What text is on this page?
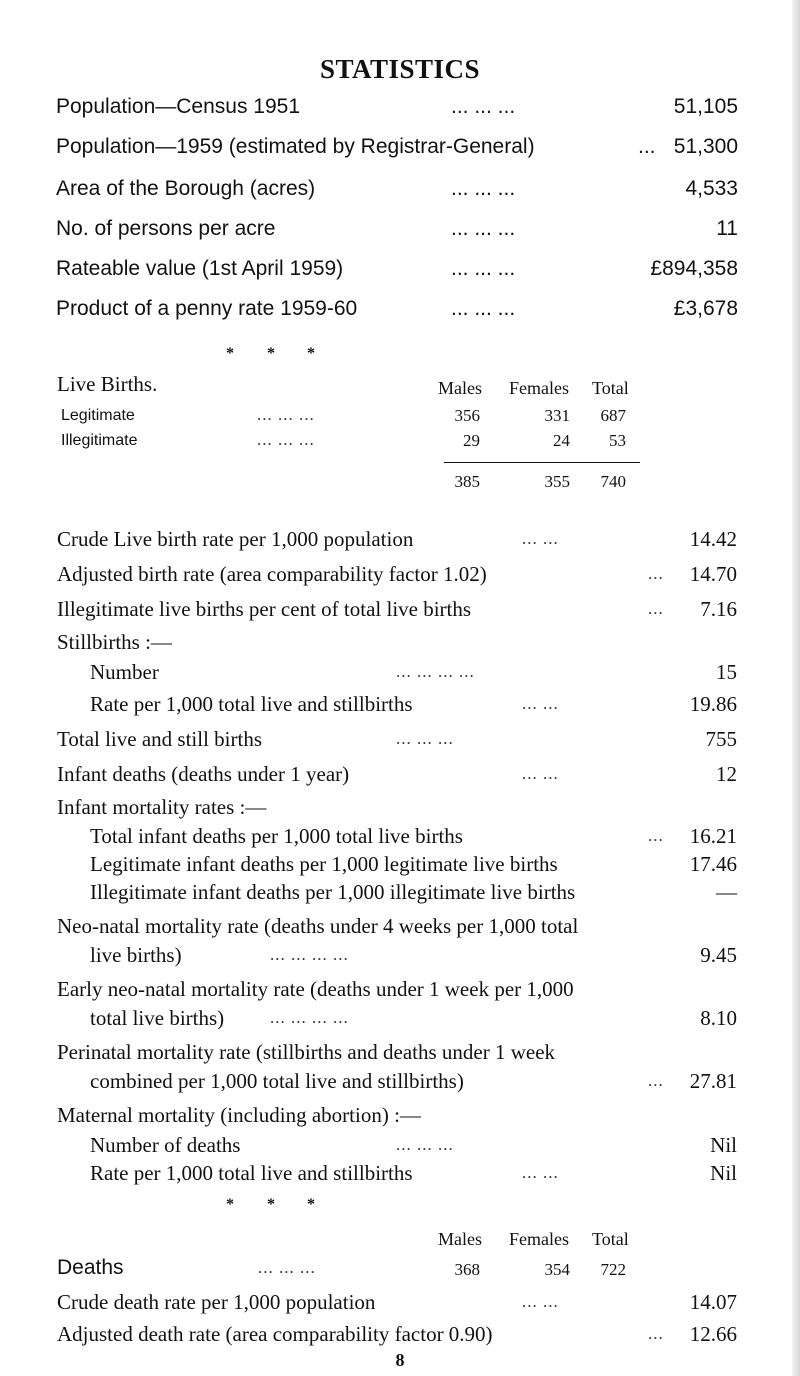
STATISTICS
Population—Census 1951	... ... ...	51,105
Population—1959 (estimated by Registrar-General)	... 51,300
Area of the Borough (acres)	... ... ...	4,533
No. of persons per acre	... ... ...	11
Rateable value (1st April 1959)	... ... ...	£894,358
Product of a penny rate 1959-60	... ... ...	£3,678
* * *
Live Births.	Males Females Total
Legitimate	... ... ...	356	331	687
Illegitimate	... ... ...	29	24	53
385	355	740
Crude Live birth rate per 1,000 population	... ...	14.42
Adjusted birth rate (area comparability factor 1.02)	...	14.70
Illegitimate live births per cent of total live births	...	7.16
Stillbirths :—
Number	... ... ... ...	15
Rate per 1,000 total live and stillbirths	... ...	19.86
Total live and still births	... ... ...	755
Infant deaths (deaths under 1 year)	... ...	12
Infant mortality rates :—
Total infant deaths per 1,000 total live births	...	16.21
Legitimate infant deaths per 1,000 legitimate live births	17.46
Illegitimate infant deaths per 1,000 illegitimate live births	—
Neo-natal mortality rate (deaths under 4 weeks per 1,000 total
live births)	... ... ... ...	9.45
Early neo-natal mortality rate (deaths under 1 week per 1,000
total live births)	... ... ... ...	8.10
Perinatal mortality rate (stillbirths and deaths under 1 week
combined per 1,000 total live and stillbirths)	...	27.81
Maternal mortality (including abortion) :—
Number of deaths	... ... ...	Nil
Rate per 1,000 total live and stillbirths	... ...	Nil
* * *
Males Females Total
Deaths	... ... ...	368	354	722
Crude death rate per 1,000 population	... ...	14.07
Adjusted death rate (area comparability factor 0.90)	...	12.66
8
